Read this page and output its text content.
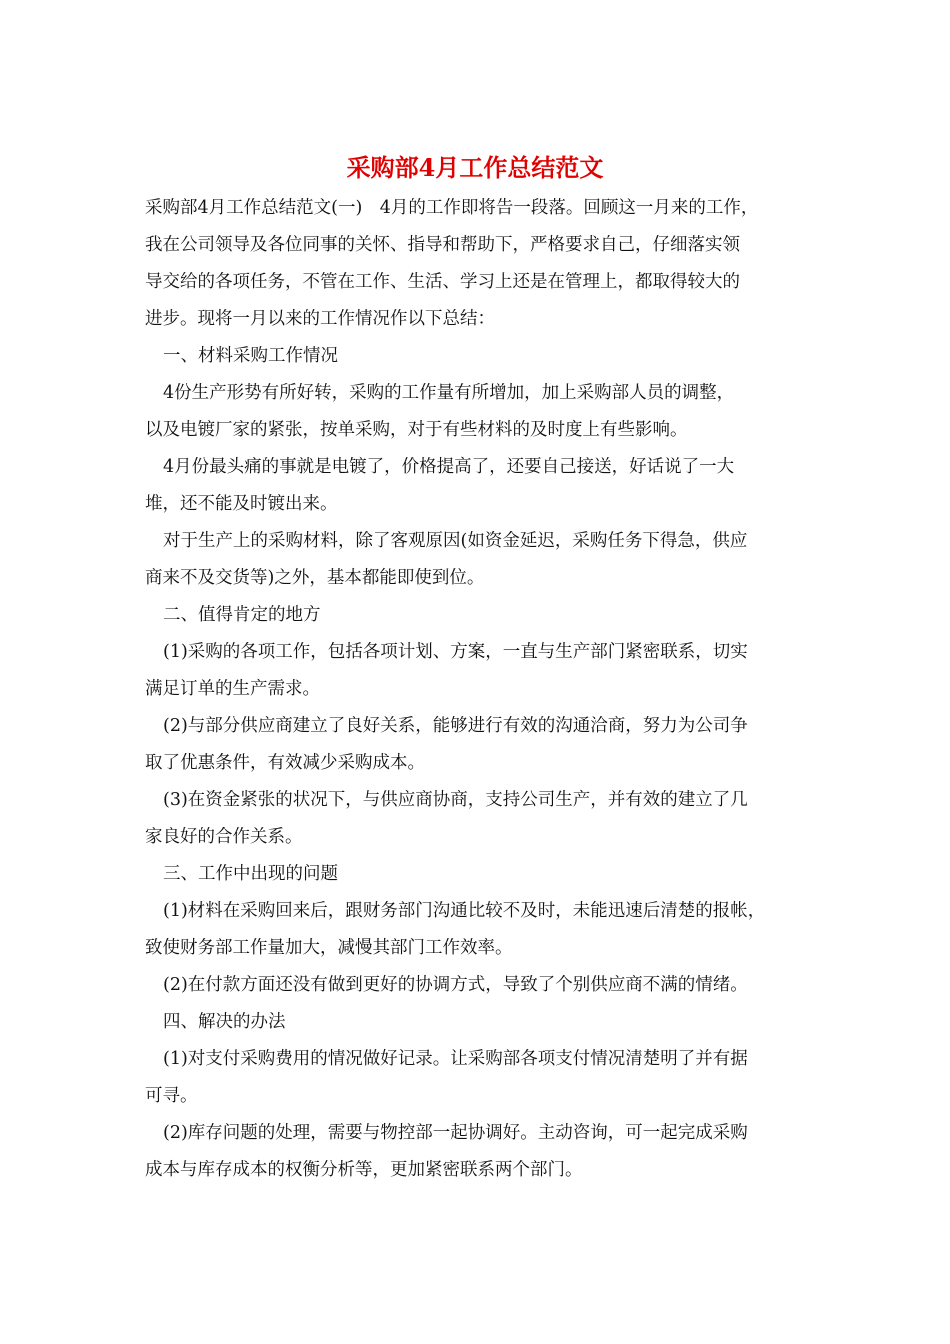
采购部4月工作总结范文
采购部4月工作总结范文(一)　4月的工作即将告一段落。回顾这一月来的工作，
我在公司领导及各位同事的关怀、指导和帮助下，严格要求自己，仔细落实领
导交给的各项任务，不管在工作、生活、学习上还是在管理上，都取得较大的
进步。现将一月以来的工作情况作以下总结：
一、材料采购工作情况
4份生产形势有所好转，采购的工作量有所增加，加上采购部人员的调整，
以及电镀厂家的紧张，按单采购，对于有些材料的及时度上有些影响。
4月份最头痛的事就是电镀了，价格提高了，还要自己接送，好话说了一大
堆，还不能及时镀出来。
对于生产上的采购材料，除了客观原因(如资金延迟，采购任务下得急，供应
商来不及交货等)之外，基本都能即使到位。
二、值得肯定的地方
(1)采购的各项工作，包括各项计划、方案，一直与生产部门紧密联系，切实
满足订单的生产需求。
(2)与部分供应商建立了良好关系，能够进行有效的沟通洽商，努力为公司争
取了优惠条件，有效减少采购成本。
(3)在资金紧张的状况下，与供应商协商，支持公司生产，并有效的建立了几
家良好的合作关系。
三、工作中出现的问题
(1)材料在采购回来后，跟财务部门沟通比较不及时，未能迅速后清楚的报帐，
致使财务部工作量加大，减慢其部门工作效率。
(2)在付款方面还没有做到更好的协调方式，导致了个别供应商不满的情绪。
四、解决的办法
(1)对支付采购费用的情况做好记录。让采购部各项支付情况清楚明了并有据
可寻。
(2)库存问题的处理，需要与物控部一起协调好。主动咨询，可一起完成采购
成本与库存成本的权衡分析等，更加紧密联系两个部门。
